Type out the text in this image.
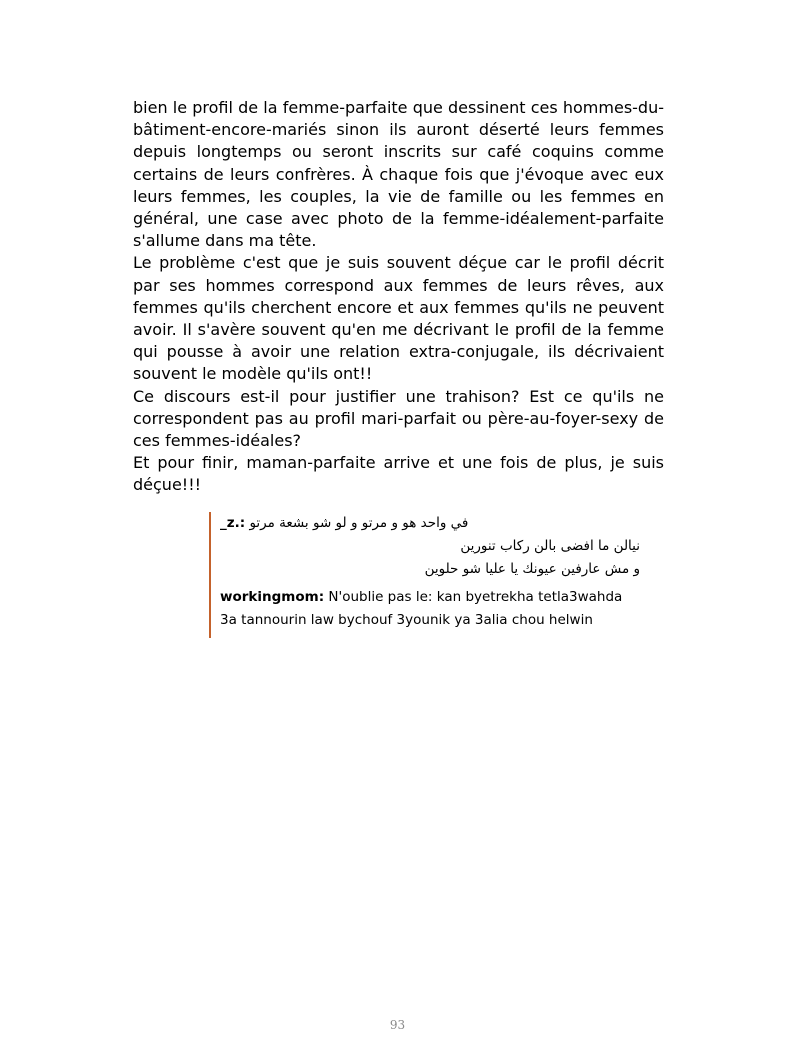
bien le profil de la femme-parfaite que dessinent ces hommes-du-bâtiment-encore-mariés sinon ils auront déserté leurs femmes depuis longtemps ou seront inscrits sur café coquins comme certains de leurs confrères. À chaque fois que j'évoque avec eux leurs femmes, les couples, la vie de famille ou les femmes en général, une case avec photo de la femme-idéalement-parfaite s'allume dans ma tête.

Le problème c'est que je suis souvent déçue car le profil décrit par ses hommes correspond aux femmes de leurs rêves, aux femmes qu'ils cherchent encore et aux femmes qu'ils ne peuvent avoir. Il s'avère souvent qu'en me décrivant le profil de la femme qui pousse à avoir une relation extra-conjugale, ils décrivaient souvent le modèle qu'ils ont!!

Ce discours est-il pour justifier une trahison? Est ce qu'ils ne correspondent pas au profil mari-parfait ou père-au-foyer-sexy de ces femmes-idéales?

Et pour finir, maman-parfaite arrive et une fois de plus, je suis déçue!!!

_z.: في واحد هو و مرتو و لو شو بشعة مرتو
نيالن ما افضى بالن ركاب تنورين
و مش عارفين عيونك يا عليا شو حلوين
workingmom: N'oublie pas le: kan byetrekha tetla3wahda
3a tannourin law bychouf 3younik ya 3alia chou helwin
93
